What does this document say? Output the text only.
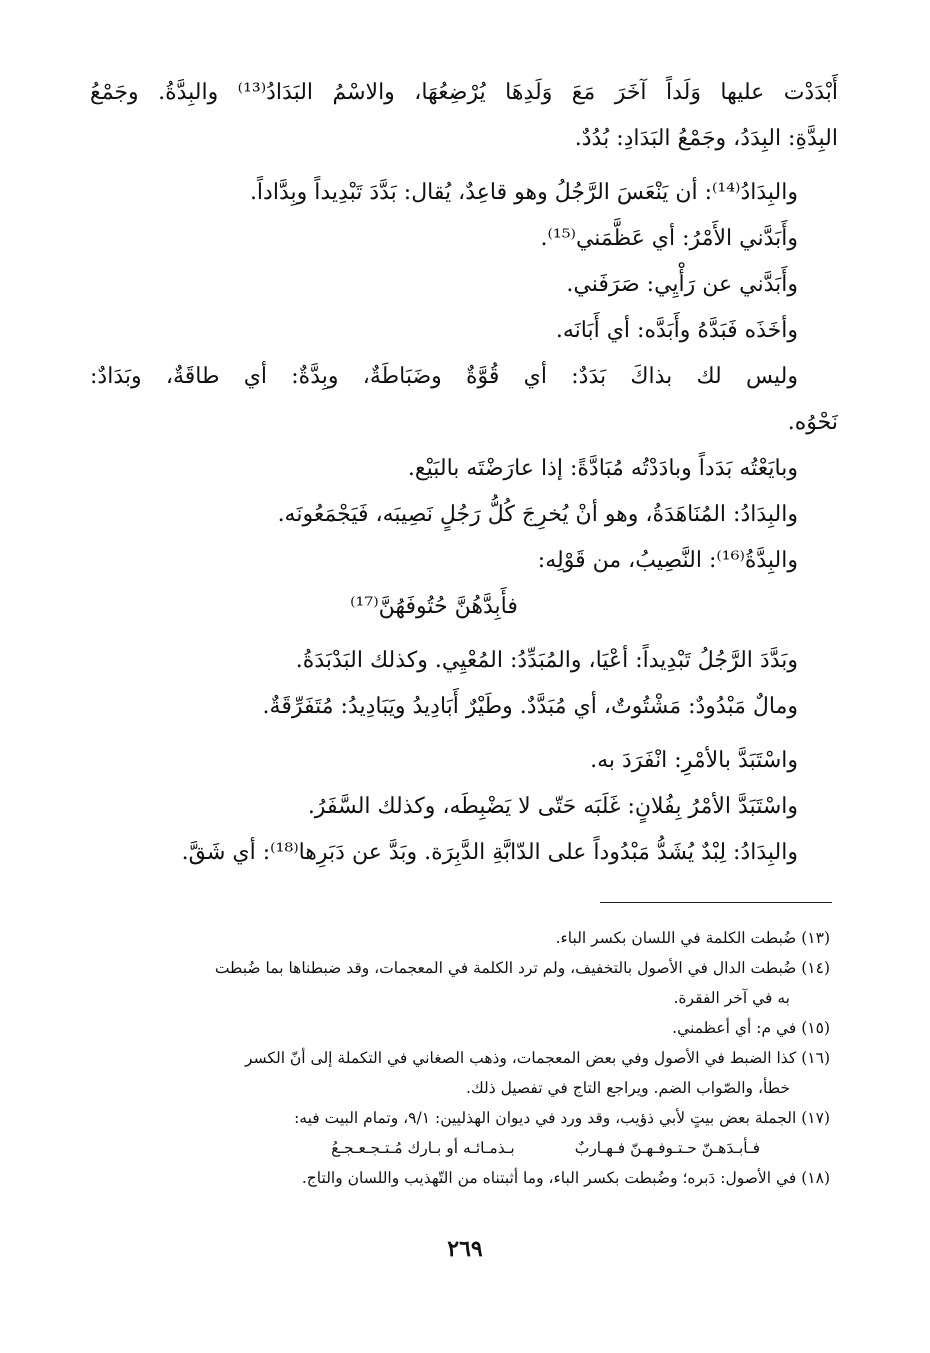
أَبْدَدْت عليها وَلَداً آخَرَ مَعَ وَلَدِهَا يُرْضِعُهَا، والاسْمُ البَدَادُ⁽¹³⁾ والبِدَّةُ. وجَمْعُ
البِدَّةِ: البِدَدُ، وجَمْعُ البَدَادِ: بُدُدٌ.
والبِدَادُ⁽¹⁴⁾: أن يَنْعَسَ الرَّجُلُ وهو قاعِدٌ، يُقال: بَدَّدَ تَبْدِيداً وبِدَّاداً.
وأَبَدَّني الأَمْرُ: أي عَظَّمَني⁽¹⁵⁾.
وأَبَدَّني عن رَأْيِي: صَرَفَني.
وأخَذَه فَبَدَّهُ وأَبَدَّه: أي أَبَانَه.
وليس لك بذاكَ بَدَدٌ: أي قُوَّةٌ وضَبَاطَةٌ، وبِدَّةٌ: أي طاقَةٌ، وبَدَادٌ:
نَحْوُه.
وبايَعْتُه بَدَداً وبادَدْتُه مُبَادَّةً: إذا عارَضْتَه بالبَيْع.
والبِدَادُ: المُنَاهَدَةُ، وهو أنْ يُخرِجَ كُلُّ رَجُلٍ نَصِيبَه، فَيَجْمَعُونَه.
والبِدَّةُ⁽¹⁶⁾: النَّصِيبُ، من قَوْلِه:
فأَبِدَّهُنَّ حُتُوفَهُنَّ⁽¹⁷⁾
وبَدَّدَ الرَّجُلُ تَبْدِيداً: أعْيَا، والمُبَدِّدُ: المُعْيِي. وكذلك البَدْبَدَةُ.
ومالٌ مَبْدُودٌ: مَشْتُوتٌ، أي مُبَدَّدٌ. وطَيْرٌ أَبَادِيدُ ويَبَادِيدُ: مُتَفَرِّقَةٌ.
واسْتَبَدَّ بالأمْرِ: انْفَرَدَ به.
واسْتَبَدَّ الأمْرُ بِفُلانٍ: غَلَبَه حَتّى لا يَضْبِطَه، وكذلك السَّفَرُ.
والبِدَادُ: لِبْدٌ يُشَدُّ مَبْدُوداً على الدّابَّةِ الدَّبِرَة. وبَدَّ عن دَبَرِها⁽¹⁸⁾: أي شَقَّ.
(١٣) ضُبطت الكلمة في اللسان بكسر الباء.
(١٤) ضُبطت الدال في الأصول بالتخفيف، ولم ترد الكلمة في المعجمات، وقد ضبطناها بما ضُبطت
به في آخر الفقرة.
(١٥) في م: أي أعظمني.
(١٦) كذا الضبط في الأصول وفي بعض المعجمات، وذهب الصغاني في التكملة إلى أنّ الكسر
خطأ، والصّواب الضم. ويراجع التاج في تفصيل ذلك.
(١٧) الجملة بعض بيتٍ لأبي ذؤيب، وقد ورد في ديوان الهذليين: ٩/١، وتمام البيت فيه:
فـأبـدَهـنّ حـتـوفـهـنّ فـهـاربٌ
بـذمـائـه أو بـارك مُـتـجـعـجـعُ
(١٨) في الأصول: دَبره؛ وضُبطت بكسر الباء، وما أثبتناه من التّهذيب واللسان والتاج.
٢٦٩
